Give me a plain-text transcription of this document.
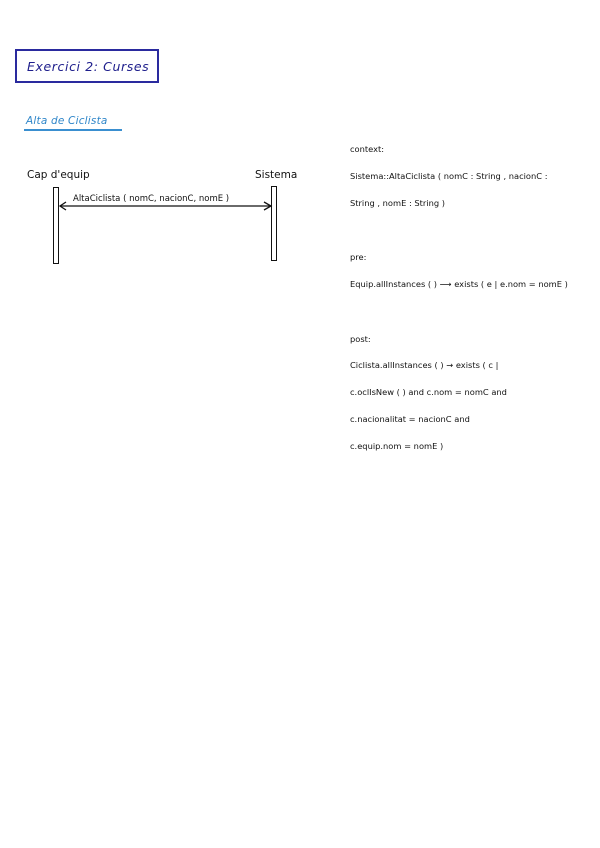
Exercici 2: Curses
Alta de Ciclista
Cap d'equip	Sistema
AltaCiclista ( nomC, nacionC, nomE )
context:
Sistema::AltaCiclista ( nomC : String , nacionC :
String , nomE : String )
pre:
Equip.allInstances ( ) ⟶ exists ( e | e.nom = nomE )
post:
Ciclista.allInstances ( ) → exists ( c |
c.oclIsNew ( ) and c.nom = nomC and
c.nacionalitat = nacionC and
c.equip.nom = nomE )
